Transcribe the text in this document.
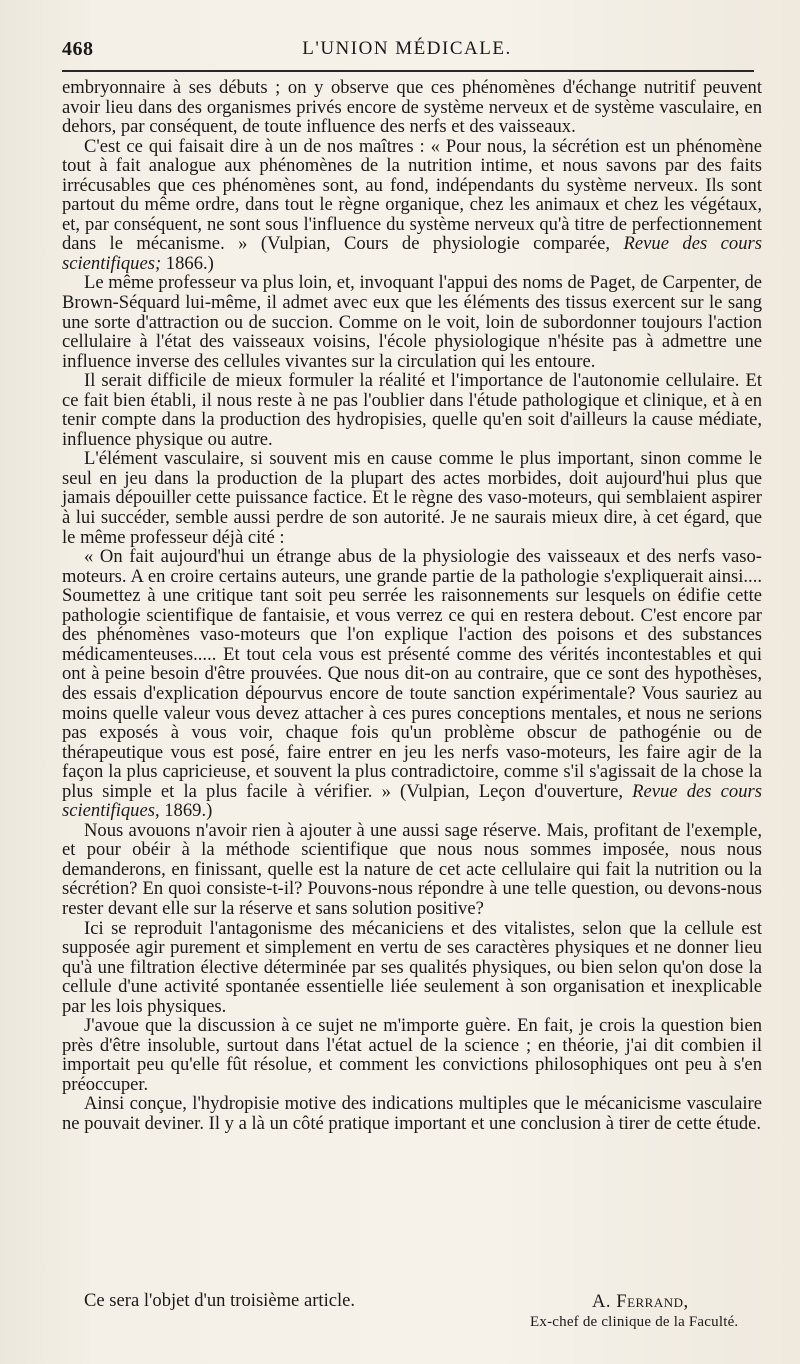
468	L'UNION MÉDICALE.

embryonnaire à ses débuts ; on y observe que ces phénomènes d'échange nutritif peuvent avoir lieu dans des organismes privés encore de système nerveux et de système vasculaire, en dehors, par conséquent, de toute influence des nerfs et des vaisseaux.

C'est ce qui faisait dire à un de nos maîtres : « Pour nous, la sécrétion est un phénomène tout à fait analogue aux phénomènes de la nutrition intime, et nous savons par des faits irrécusables que ces phénomènes sont, au fond, indépendants du système nerveux. Ils sont partout du même ordre, dans tout le règne organique, chez les animaux et chez les végétaux, et, par conséquent, ne sont sous l'influence du système nerveux qu'à titre de perfectionnement dans le mécanisme. » (Vulpian, Cours de physiologie comparée, Revue des cours scientifiques; 1866.)

Le même professeur va plus loin, et, invoquant l'appui des noms de Paget, de Carpenter, de Brown-Séquard lui-même, il admet avec eux que les éléments des tissus exercent sur le sang une sorte d'attraction ou de succion. Comme on le voit, loin de subordonner toujours l'action cellulaire à l'état des vaisseaux voisins, l'école physiologique n'hésite pas à admettre une influence inverse des cellules vivantes sur la circulation qui les entoure.

Il serait difficile de mieux formuler la réalité et l'importance de l'autonomie cellulaire. Et ce fait bien établi, il nous reste à ne pas l'oublier dans l'étude pathologique et clinique, et à en tenir compte dans la production des hydropisies, quelle qu'en soit d'ailleurs la cause médiate, influence physique ou autre.

L'élément vasculaire, si souvent mis en cause comme le plus important, sinon comme le seul en jeu dans la production de la plupart des actes morbides, doit aujourd'hui plus que jamais dépouiller cette puissance factice. Et le règne des vaso-moteurs, qui semblaient aspirer à lui succéder, semble aussi perdre de son autorité. Je ne saurais mieux dire, à cet égard, que le même professeur déjà cité :

« On fait aujourd'hui un étrange abus de la physiologie des vaisseaux et des nerfs vaso-moteurs. A en croire certains auteurs, une grande partie de la pathologie s'expliquerait ainsi.... Soumettez à une critique tant soit peu serrée les raisonnements sur lesquels on édifie cette pathologie scientifique de fantaisie, et vous verrez ce qui en restera debout. C'est encore par des phénomènes vaso-moteurs que l'on explique l'action des poisons et des substances médicamenteuses..... Et tout cela vous est présenté comme des vérités incontestables et qui ont à peine besoin d'être prouvées. Que nous dit-on au contraire, que ce sont des hypothèses, des essais d'explication dépourvus encore de toute sanction expérimentale? Vous sauriez au moins quelle valeur vous devez attacher à ces pures conceptions mentales, et nous ne serions pas exposés à vous voir, chaque fois qu'un problème obscur de pathogénie ou de thérapeutique vous est posé, faire entrer en jeu les nerfs vaso-moteurs, les faire agir de la façon la plus capricieuse, et souvent la plus contradictoire, comme s'il s'agissait de la chose la plus simple et la plus facile à vérifier. » (Vulpian, Leçon d'ouverture, Revue des cours scientifiques, 1869.)

Nous avouons n'avoir rien à ajouter à une aussi sage réserve. Mais, profitant de l'exemple, et pour obéir à la méthode scientifique que nous nous sommes imposée, nous nous demanderons, en finissant, quelle est la nature de cet acte cellulaire qui fait la nutrition ou la sécrétion? En quoi consiste-t-il? Pouvons-nous répondre à une telle question, ou devons-nous rester devant elle sur la réserve et sans solution positive?

Ici se reproduit l'antagonisme des mécaniciens et des vitalistes, selon que la cellule est supposée agir purement et simplement en vertu de ses caractères physiques et ne donner lieu qu'à une filtration élective déterminée par ses qualités physiques, ou bien selon qu'on dose la cellule d'une activité spontanée essentielle liée seulement à son organisation et inexplicable par les lois physiques.

J'avoue que la discussion à ce sujet ne m'importe guère. En fait, je crois la question bien près d'être insoluble, surtout dans l'état actuel de la science ; en théorie, j'ai dit combien il importait peu qu'elle fût résolue, et comment les convictions philosophiques ont peu à s'en préoccuper.

Ainsi conçue, l'hydropisie motive des indications multiples que le mécanicisme vasculaire ne pouvait deviner. Il y a là un côté pratique important et une conclusion à tirer de cette étude.

Ce sera l'objet d'un troisième article.	A. Ferrand,
Ex-chef de clinique de la Faculté.
